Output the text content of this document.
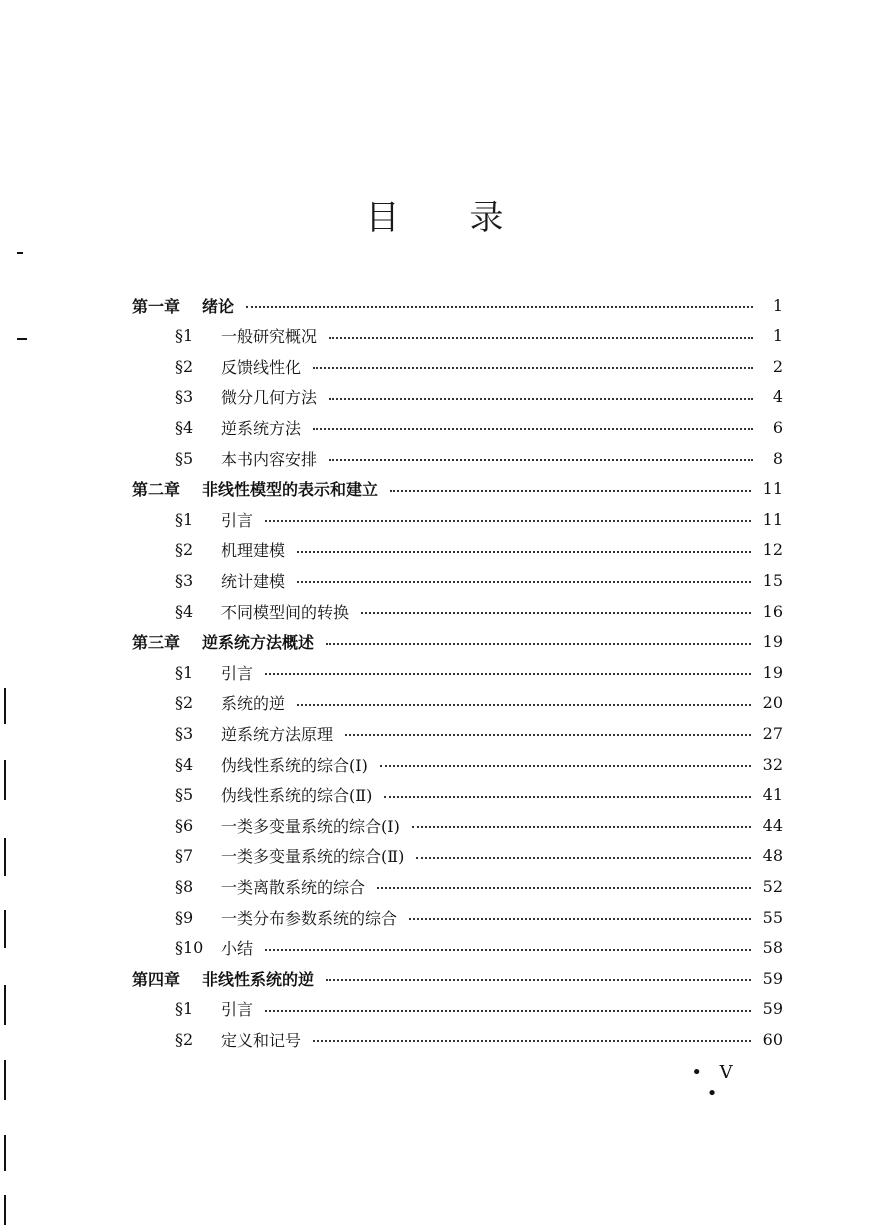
目录
第一章 绪论	1
§1	一般研究概况	1
§2	反馈线性化	2
§3	微分几何方法	4
§4	逆系统方法	6
§5	本书内容安排	8
第二章 非线性模型的表示和建立	11
§1	引言	11
§2	机理建模	12
§3	统计建模	15
§4	不同模型间的转换	16
第三章 逆系统方法概述	19
§1	引言	19
§2	系统的逆	20
§3	逆系统方法原理	27
§4	伪线性系统的综合(Ⅰ)	32
§5	伪线性系统的综合(Ⅱ)	41
§6	一类多变量系统的综合(Ⅰ)	44
§7	一类多变量系统的综合(Ⅱ)	48
§8	一类离散系统的综合	52
§9	一类分布参数系统的综合	55
§10	小结	58
第四章 非线性系统的逆	59
§1	引言	59
§2	定义和记号	60
• V •
